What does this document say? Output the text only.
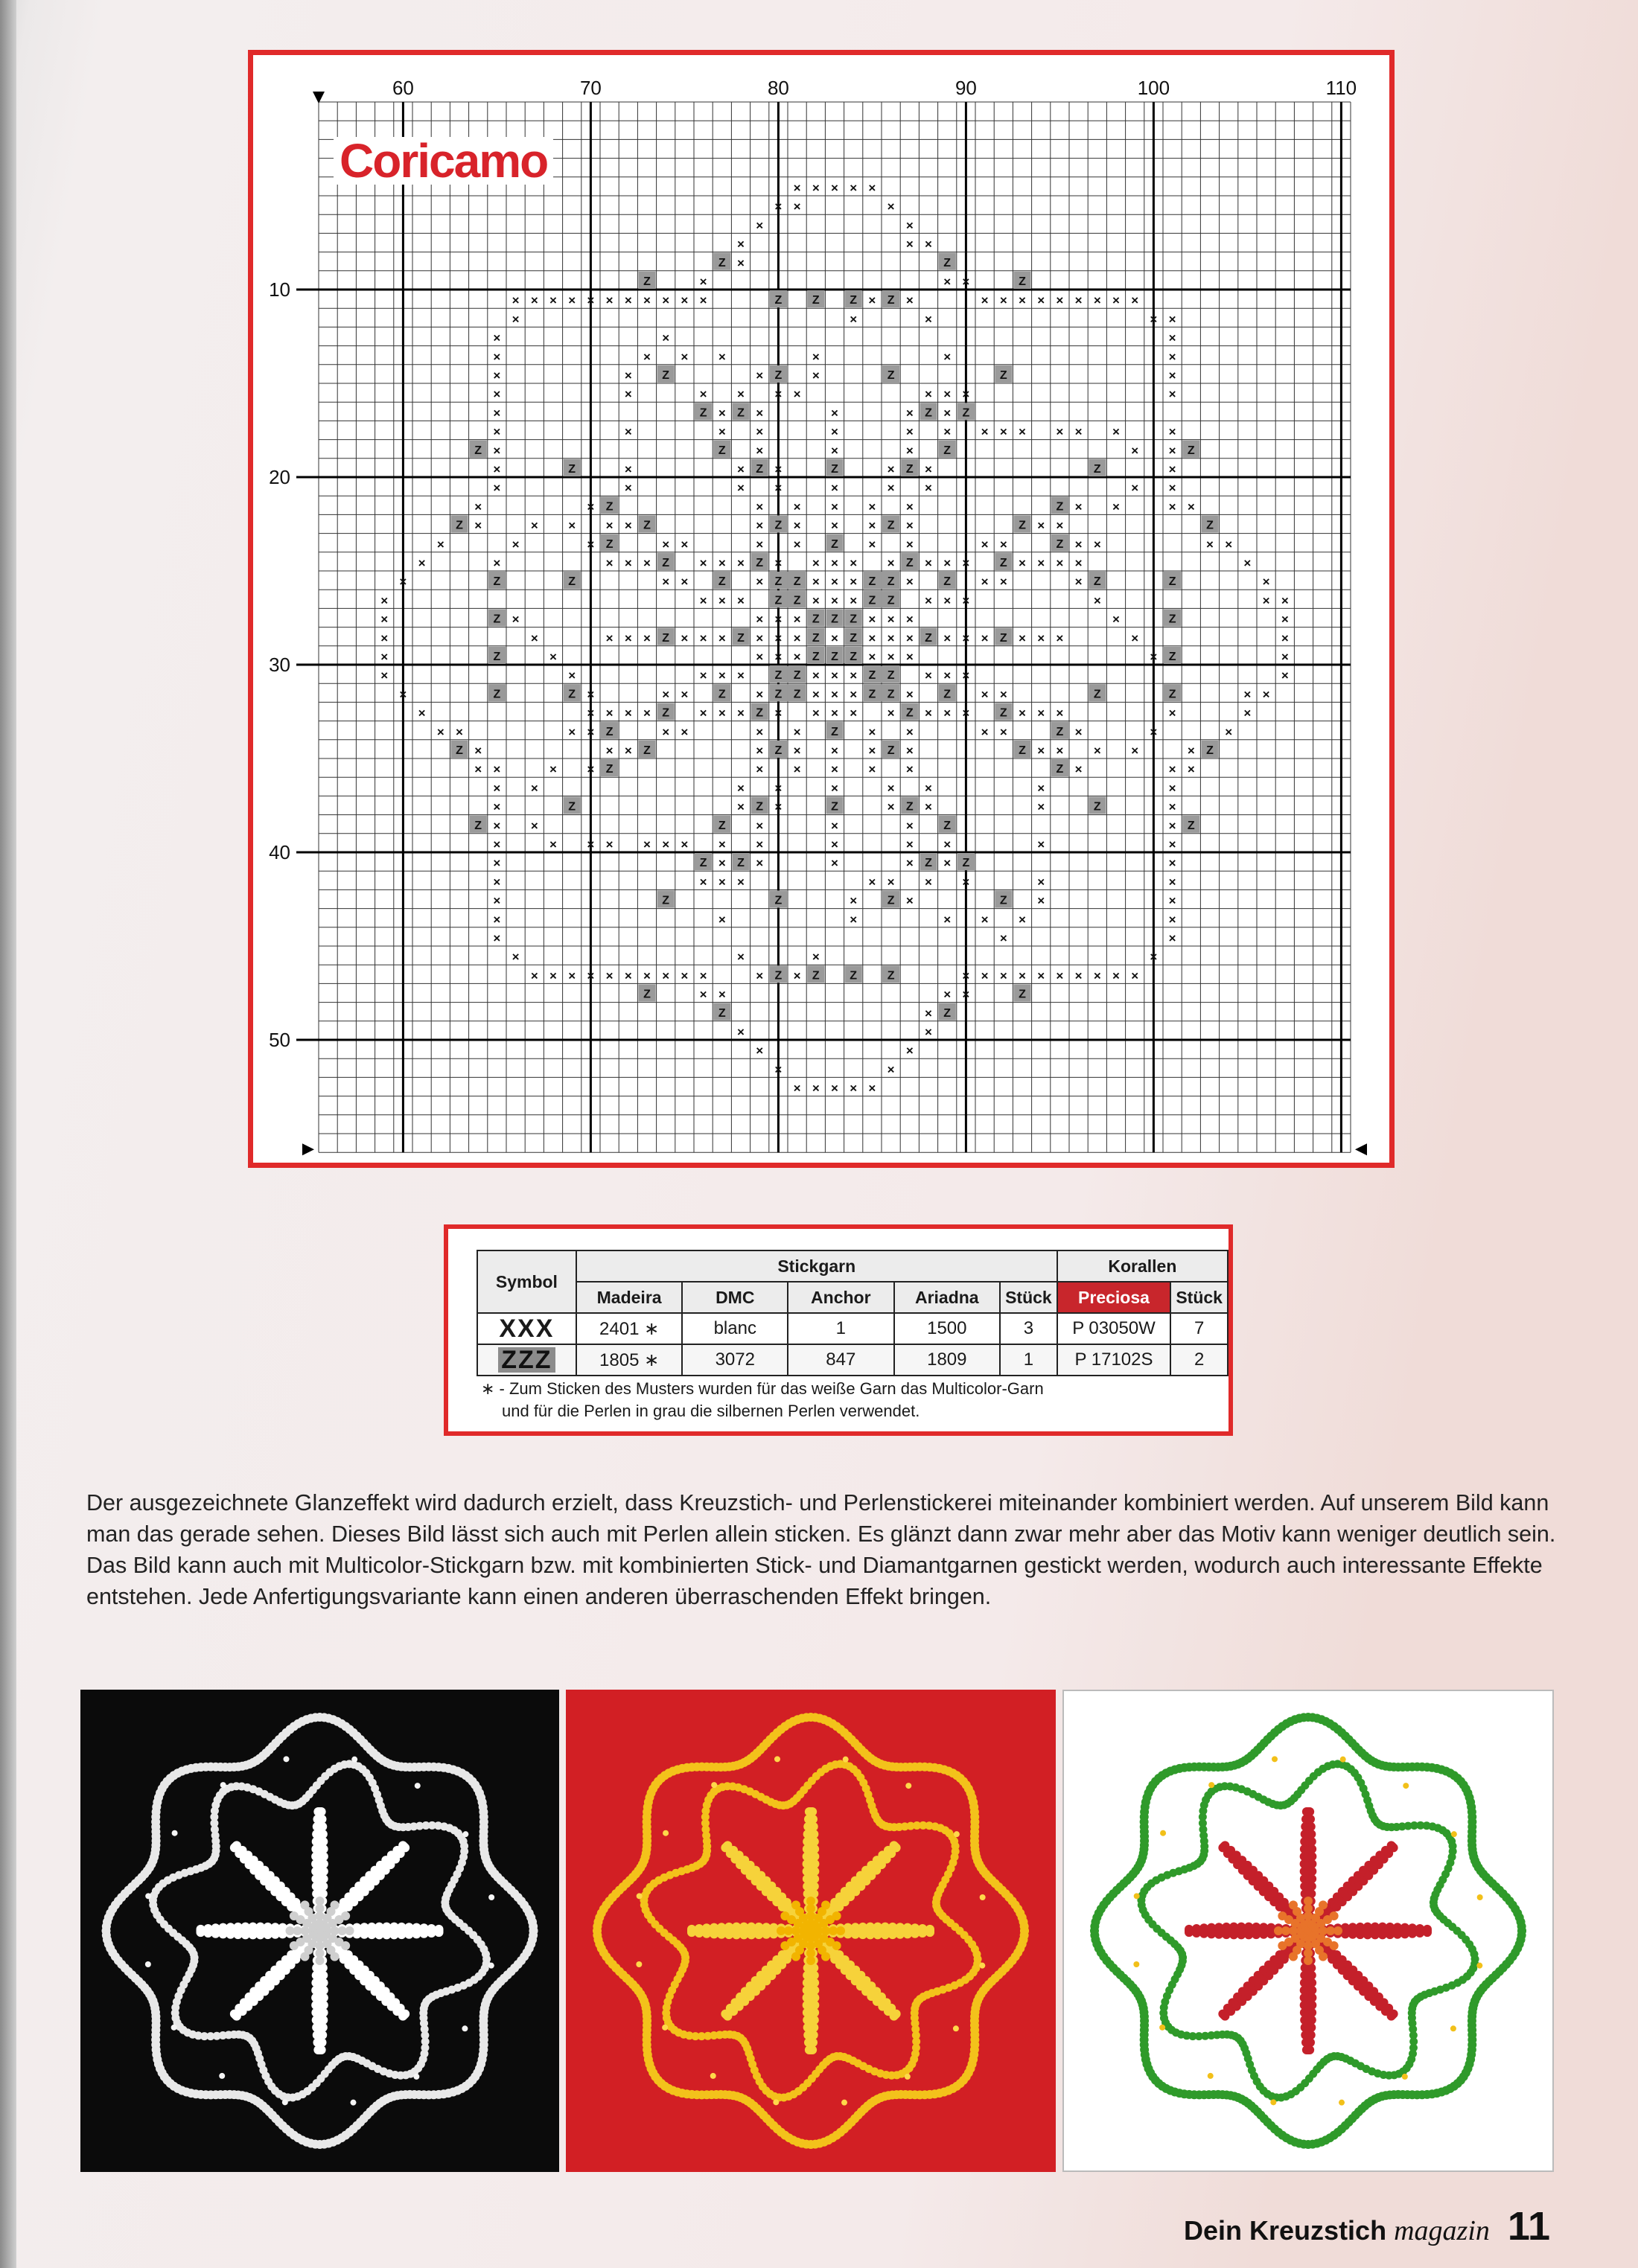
60	70	80	90	100	110
10
20
30
40
50
×
×
×
×
×
×
×
Z
×
×
×
×
×
×
×
×
×
×
×
×
×
×
×
×
×
×
×
×
×
×
×
×
×
×
×
×
×
×
×
×
×
×
×
×
×
Z
×
×
×
×
×
×
×
×
×
×
×
×
×
×
×
×
×
×
×
×
×
×
×
×
×
×
×
×
×
×
×
×
×
×
×
×
×
Z ×
×
×
×
×
×
×
×
×
×
×
×
× × × × × × × × × × ×
×
Z ×
×
×
× ×
× × × × ×
×
×
× ×
Z
× ×
× × × × × × × × ×
× ×
×
×
×
×
×
×
×
×
× ×
Z
× ×
×
×
× ×
×
×
×
Z
×
×
×
×
×
Z
×
×
×
×
×
×
×
×
×
×
×
×
×
×
×
×
Z
×
×
×
×
Z
×
×
×
×
×
×
×
×
×
×
×
×
×
×
×
×
Z
×
×
× ×
× Z
×
×
×
×
×
×
×
× ×
×
× ×
×
×
×
× Z ×
×
×
×
Z
× × × × × ×
×
×
×
×
×
×
×
×
×
×
×
×
×
×
×
×
Z
Z
Z
Z
Z
Z
Z
Z
×
×
×
×
×
×
×
×
Z
Z
Z
Z
×
×
×
×
×
×
×
×
×
×
×
×
×
×
×
×
×
×
×
×
×
×
×
×
×
×
×
×
×
×
×
×
×
×
×
×
×
×
×
×
×
×
×
×
×
×
×
×
Z
Z
Z
Z
Z
Z
Z
Z
×
×
×
×
×
×
×
×
×
×
×
×
×
×
×
×
×
×
×
×
×
×
×
×
×
×
×
×
×
×
×
×
×
×
×
×
×
×
×
×
×
×
×
×
×
×
×
×
Z
Z
Z
Z
Z
Z
Z
Z
×
×
×
×
×
×
×
×
Z
Z
Z
Z
Z
Z
Z
Z
×
×
×
×
×
×
×
×
×
×
×
×
×
×
×
×
×
×
×
×
×
×
×
×
×
×
×
×
×
×
×
×
Z
Z
Z
Z
Z
Z
Z
Z
×
×
×
×
×
×
×
×
×
×
×
×
×
×
× Z
Z
Z
Z
×
×
×
×
×
×
×
×
×
×
×
×
Z
Z
Z
Z
×
×
×
×
×
×
×
×
×
×
×
×
Z
Z
Z
Z
×
×
×
×
×
×
×
×
×
×
×
×
Z
Z
Z
Z
Z
Z
Z
Z
Z
Z
Z
Z
Z
Z
Z
Z
Z
Z
Z
Z
Z
Z
Z
Z
Z
Z
Z
Z
Z
Z
Z
Z
Z
Z
Z
Z
Z
Z
Z
Z
Z
Z
Z
Z
Z
Z
Z
Z
Z
Z
Z
Z
Z
Z
Coricamo
Symbol	Stickgarn					Korallen	
	Madeira	DMC	Anchor	Ariadna	Stück	Preciosa	Stück
XXX	2401 ∗	blanc	1	1500	3	P 03050W	7
ZZZ	1805 ∗	3072	847	1809	1	P 17102S	2
∗ - Zum Sticken des Musters wurden für das weiße Garn das Multicolor-Garn
und für die Perlen in grau die silbernen Perlen verwendet.
Der ausgezeichnete Glanzeffekt wird dadurch erzielt, dass Kreuzstich- und Perlenstickerei miteinander kombiniert werden. Auf unserem Bild kann man das gerade sehen. Dieses Bild lässt sich auch mit Perlen allein sticken. Es glänzt dann zwar mehr aber das Motiv kann weniger deutlich sein. Das Bild kann auch mit Multicolor-Stickgarn bzw. mit kombinierten Stick- und Diamantgarnen gestickt werden, wodurch auch interessante Effekte entstehen. Jede Anfertigungsvariante kann einen anderen überraschenden Effekt bringen.
Dein Kreuzstich magazin 11
